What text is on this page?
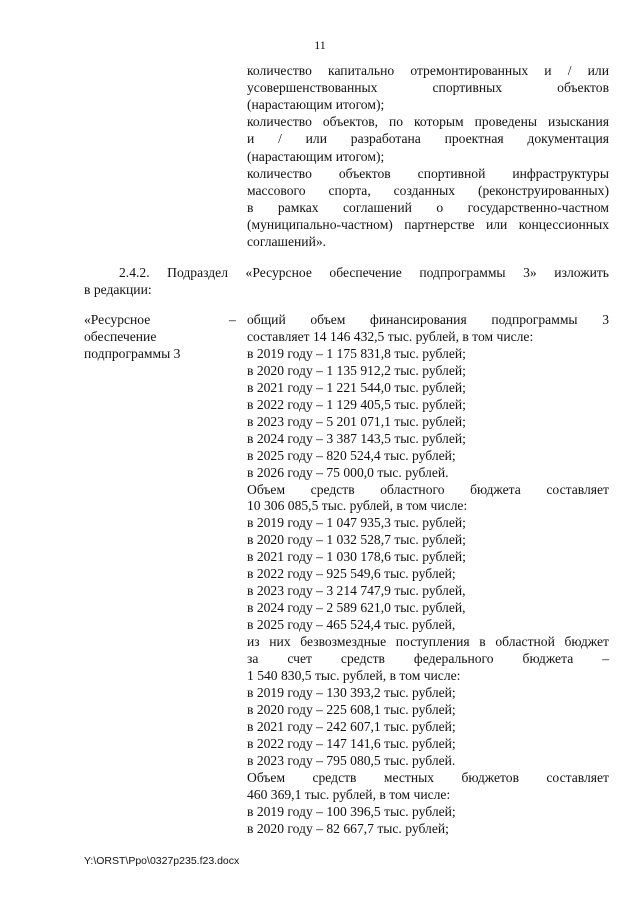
11
количество капитально отремонтированных и / или
усовершенствованных спортивных объектов
(нарастающим итогом);
количество объектов, по которым проведены изыскания
и / или разработана проектная документация
(нарастающим итогом);
количество объектов спортивной инфраструктуры
массового спорта, созданных (реконструированных)
в рамках соглашений о государственно-частном
(муниципально-частном) партнерстве или концессионных
соглашений».
2.4.2. Подраздел «Ресурсное обеспечение подпрограммы 3» изложить
в редакции:
«Ресурсное
обеспечение
подпрограммы 3
– общий объем финансирования подпрограммы 3
составляет 14 146 432,5 тыс. рублей, в том числе:
в 2019 году – 1 175 831,8 тыс. рублей;
в 2020 году – 1 135 912,2 тыс. рублей;
в 2021 году – 1 221 544,0 тыс. рублей;
в 2022 году – 1 129 405,5 тыс. рублей;
в 2023 году – 5 201 071,1 тыс. рублей;
в 2024 году – 3 387 143,5 тыс. рублей;
в 2025 году – 820 524,4 тыс. рублей;
в 2026 году – 75 000,0 тыс. рублей.
Объем средств областного бюджета составляет
10 306 085,5 тыс. рублей, в том числе:
в 2019 году – 1 047 935,3 тыс. рублей;
в 2020 году – 1 032 528,7 тыс. рублей;
в 2021 году – 1 030 178,6 тыс. рублей;
в 2022 году – 925 549,6 тыс. рублей;
в 2023 году – 3 214 747,9 тыс. рублей,
в 2024 году – 2 589 621,0 тыс. рублей,
в 2025 году – 465 524,4 тыс. рублей,
из них безвозмездные поступления в областной бюджет
за счет средств федерального бюджета –
1 540 830,5 тыс. рублей, в том числе:
в 2019 году – 130 393,2 тыс. рублей;
в 2020 году – 225 608,1 тыс. рублей;
в 2021 году – 242 607,1 тыс. рублей;
в 2022 году – 147 141,6 тыс. рублей;
в 2023 году – 795 080,5 тыс. рублей.
Объем средств местных бюджетов составляет
460 369,1 тыс. рублей, в том числе:
в 2019 году – 100 396,5 тыс. рублей;
в 2020 году – 82 667,7 тыс. рублей;
Y:\ORST\Ppo\0327p235.f23.docx
